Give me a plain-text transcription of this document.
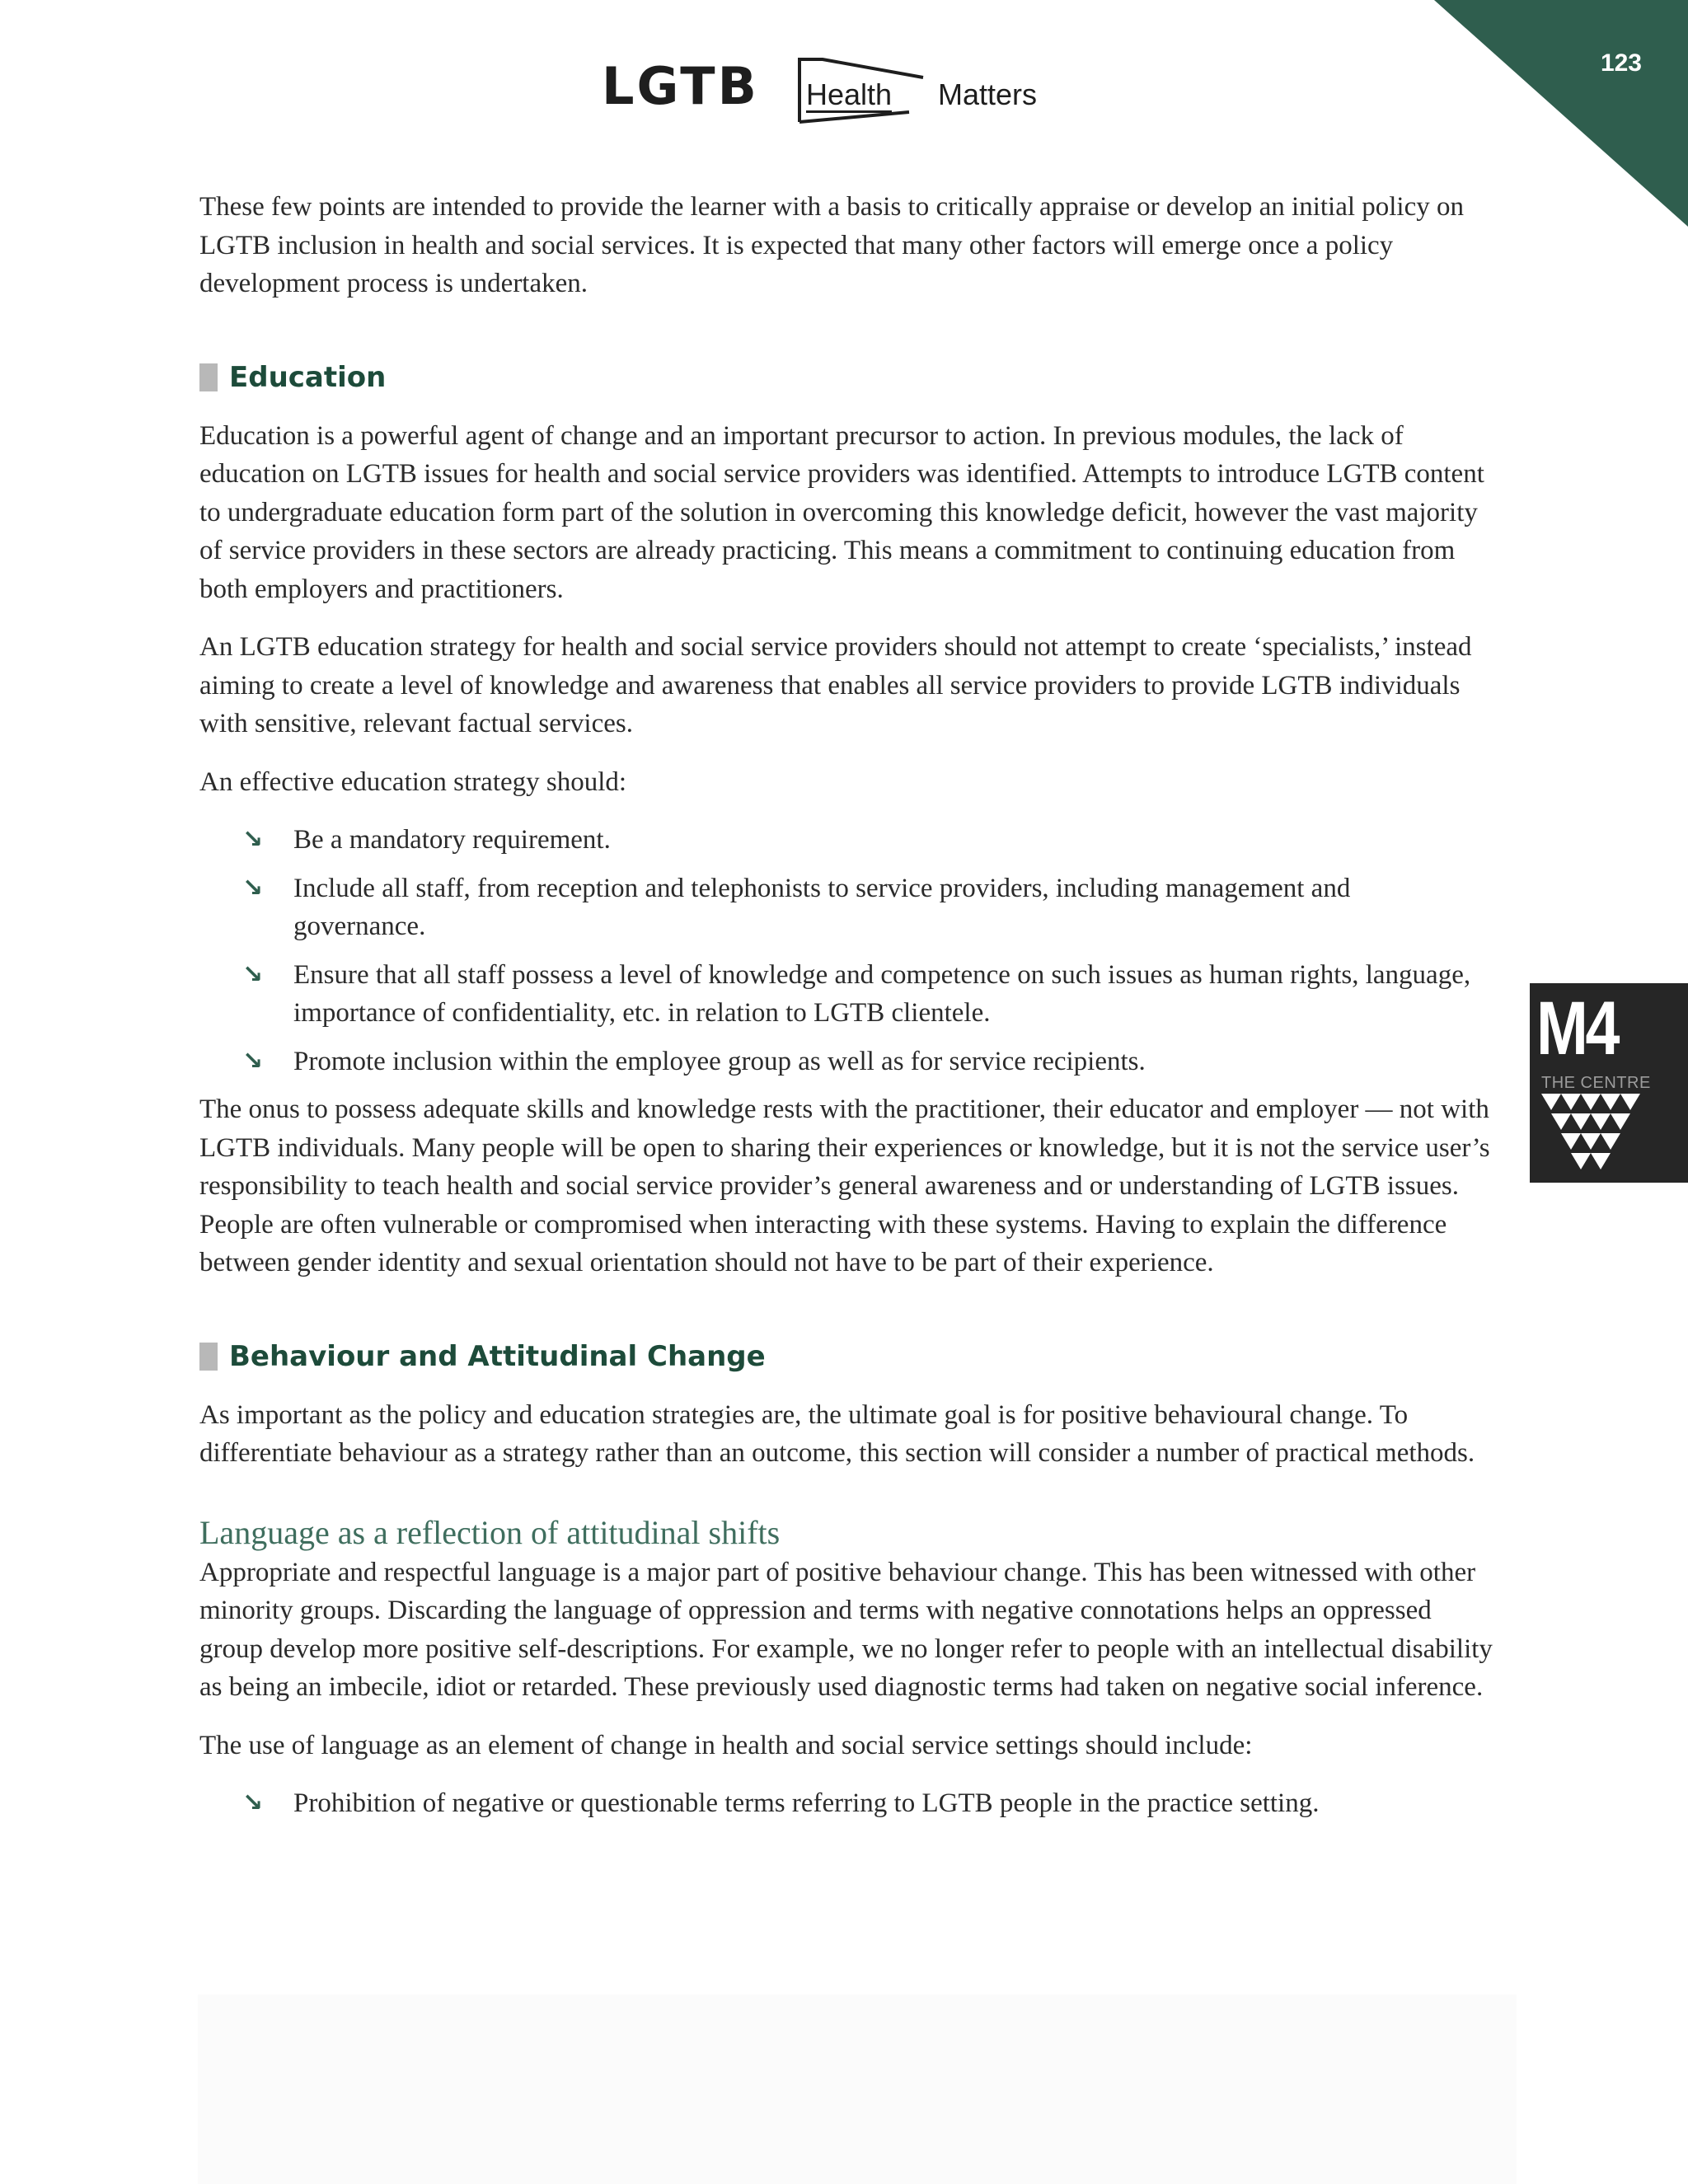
123
LGTB Health Matters

These few points are intended to provide the learner with a basis to critically appraise or develop an initial policy on LGTB inclusion in health and social services. It is expected that many other factors will emerge once a policy development process is undertaken.

Education

Education is a powerful agent of change and an important precursor to action. In previous modules, the lack of education on LGTB issues for health and social service providers was identified. Attempts to introduce LGTB content to undergraduate education form part of the solution in overcoming this knowledge deficit, however the vast majority of service providers in these sectors are already practicing. This means a commitment to continuing education from both employers and practitioners.

An LGTB education strategy for health and social service providers should not attempt to create ‘specialists,’ instead aiming to create a level of knowledge and awareness that enables all service providers to provide LGTB individuals with sensitive, relevant factual services.

An effective education strategy should:

↘ Be a mandatory requirement.
↘ Include all staff, from reception and telephonists to service providers, including management and governance.
↘ Ensure that all staff possess a level of knowledge and competence on such issues as human rights, language, importance of confidentiality, etc. in relation to LGTB clientele.
↘ Promote inclusion within the employee group as well as for service recipients.

The onus to possess adequate skills and knowledge rests with the practitioner, their educator and employer — not with LGTB individuals. Many people will be open to sharing their experiences or knowledge, but it is not the service user’s responsibility to teach health and social service provider’s general awareness and or understanding of LGTB issues. People are often vulnerable or compromised when interacting with these systems. Having to explain the difference between gender identity and sexual orientation should not have to be part of their experience.

Behaviour and Attitudinal Change

As important as the policy and education strategies are, the ultimate goal is for positive behavioural change. To differentiate behaviour as a strategy rather than an outcome, this section will consider a number of practical methods.

Language as a reflection of attitudinal shifts

Appropriate and respectful language is a major part of positive behaviour change. This has been witnessed with other minority groups. Discarding the language of oppression and terms with negative connotations helps an oppressed group develop more positive self-descriptions. For example, we no longer refer to people with an intellectual disability as being an imbecile, idiot or retarded. These previously used diagnostic terms had taken on negative social inference.

The use of language as an element of change in health and social service settings should include:

↘ Prohibition of negative or questionable terms referring to LGTB people in the practice setting.
M4
THE CENTRE
